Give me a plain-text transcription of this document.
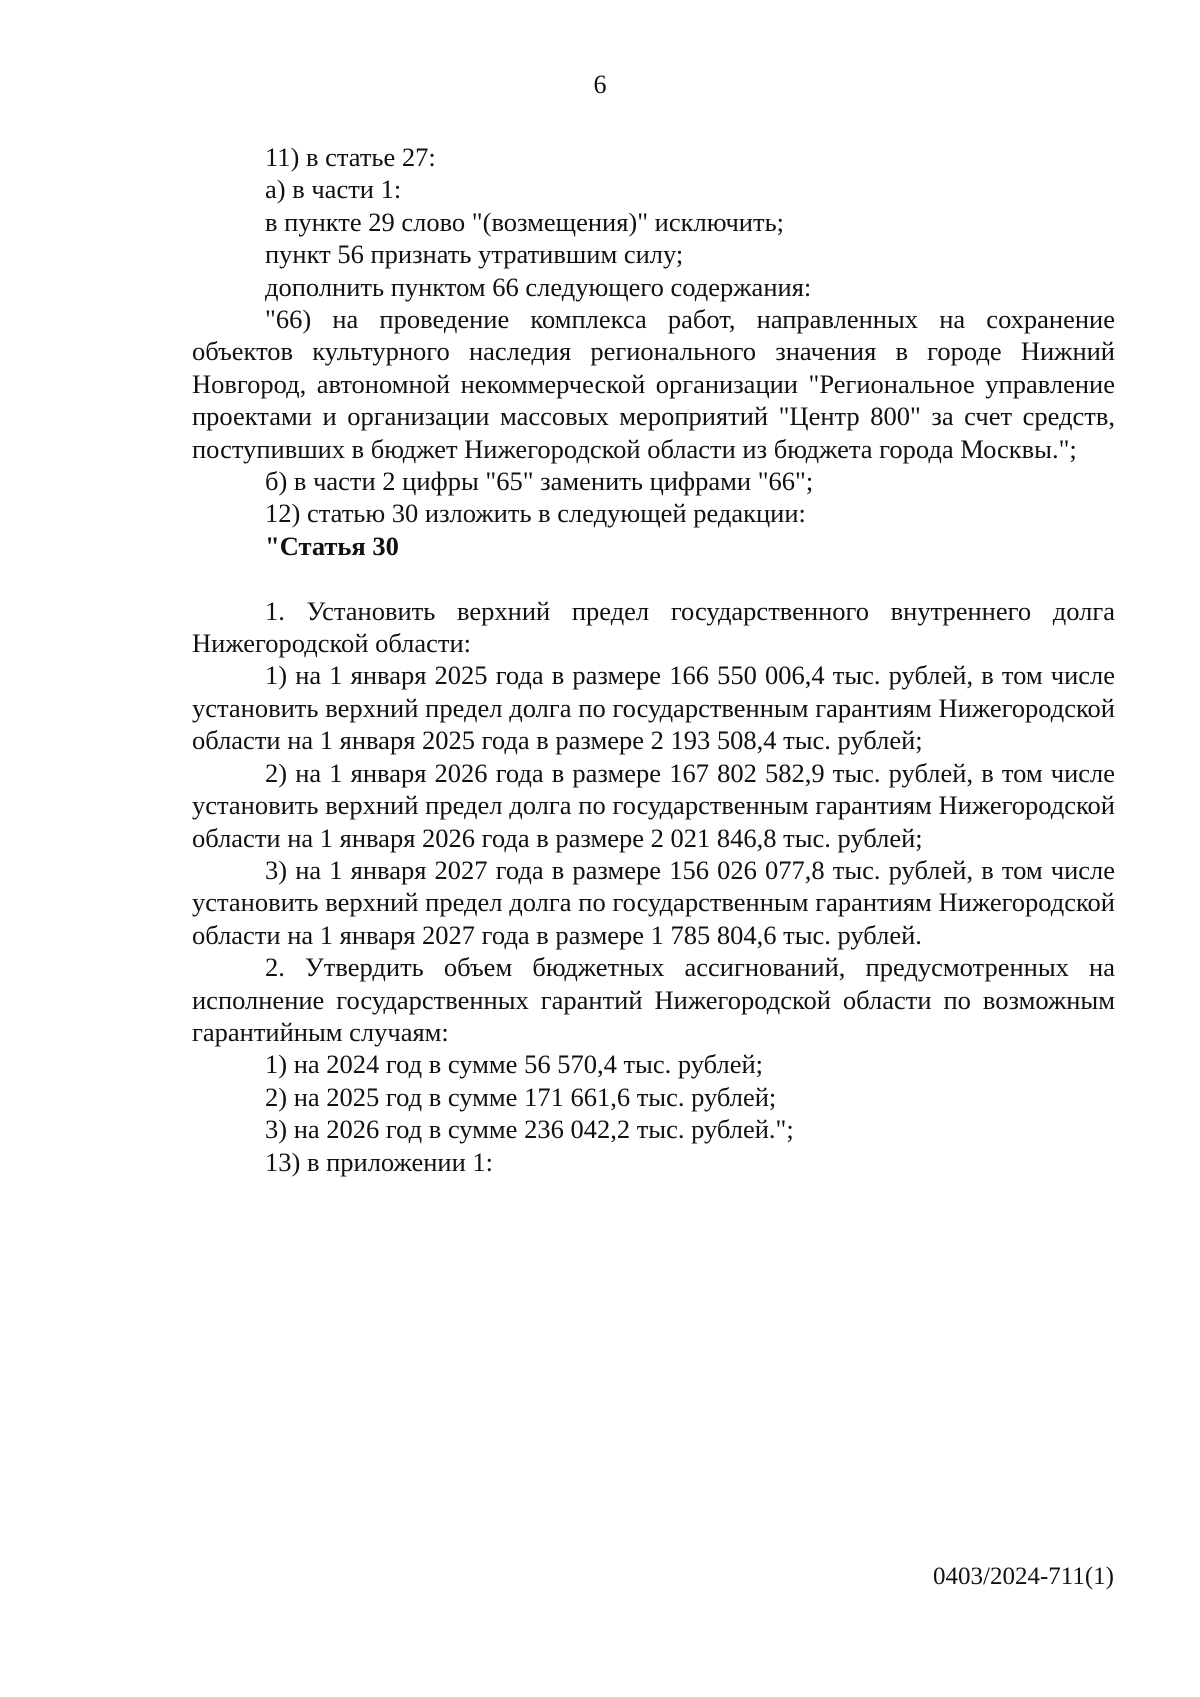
6

11) в статье 27:

а) в части 1:

в пункте 29 слово "(возмещения)" исключить;

пункт 56 признать утратившим силу;

дополнить пунктом 66 следующего содержания:

"66) на проведение комплекса работ, направленных на сохранение объектов культурного наследия регионального значения в городе Нижний Новгород, автономной некоммерческой организации "Региональное управление проектами и организации массовых мероприятий "Центр 800" за счет средств, поступивших в бюджет Нижегородской области из бюджета города Москвы.";

б) в части 2 цифры "65" заменить цифрами "66";

12) статью 30 изложить в следующей редакции:

"Статья 30

1. Установить верхний предел государственного внутреннего долга Нижегородской области:

1) на 1 января 2025 года в размере 166 550 006,4 тыс. рублей, в том числе установить верхний предел долга по государственным гарантиям Нижегородской области на 1 января 2025 года в размере 2 193 508,4 тыс. рублей;

2) на 1 января 2026 года в размере 167 802 582,9 тыс. рублей, в том числе установить верхний предел долга по государственным гарантиям Нижегородской области на 1 января 2026 года в размере 2 021 846,8 тыс. рублей;

3) на 1 января 2027 года в размере 156 026 077,8 тыс. рублей, в том числе установить верхний предел долга по государственным гарантиям Нижегородской области на 1 января 2027 года в размере 1 785 804,6 тыс. рублей.

2. Утвердить объем бюджетных ассигнований, предусмотренных на исполнение государственных гарантий Нижегородской области по возможным гарантийным случаям:

1) на 2024 год в сумме 56 570,4 тыс. рублей;

2) на 2025 год в сумме 171 661,6 тыс. рублей;

3) на 2026 год в сумме 236 042,2 тыс. рублей.";

13) в приложении 1:

0403/2024-711(1)
